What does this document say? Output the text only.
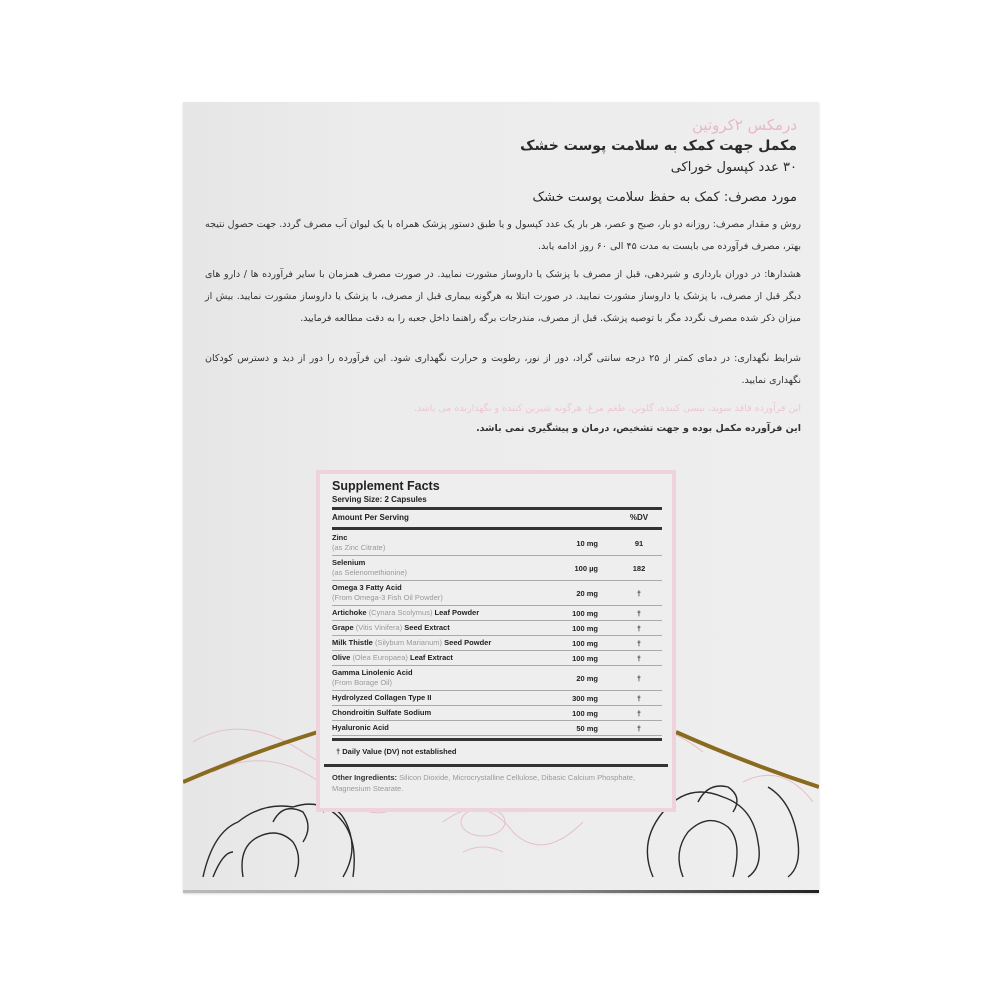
درمکس ۲کروتین
مکمل جهت کمک به سلامت پوست خشک
۳۰ عدد کپسول خوراکی
مورد مصرف: کمک به حفظ سلامت پوست خشک
روش و مقدار مصرف: روزانه دو بار، صبح و عصر، هر بار یک عدد کپسول و یا طبق دستور پزشک همراه با یک لیوان آب مصرف گردد. جهت حصول نتیجه بهتر، مصرف فرآورده می بایست به مدت ۴۵ الی ۶۰ روز ادامه یابد.
هشدارها: در دوران بارداری و شیردهی، قبل از مصرف با پزشک یا داروساز مشورت نمایید. در صورت مصرف همزمان با سایر فرآورده ها / دارو های دیگر قبل از مصرف، با پزشک یا داروساز مشورت نمایید. در صورت ابتلا به هرگونه بیماری قبل از مصرف، با پزشک یا داروساز مشورت نمایید. بیش از میزان ذکر شده مصرف نگردد مگر با توصیه پزشک. قبل از مصرف، مندرجات برگه راهنما داخل جعبه را به دقت مطالعه فرمایید.
شرایط نگهداری: در دمای کمتر از ۲۵ درجه سانتی گراد، دور از نور، رطوبت و حرارت نگهداری شود. این فرآورده را دور از دید و دسترس کودکان نگهداری نمایید.
این فرآورده فاقد سوید، نیسی کننده، گلوتن، طعم مرغ، هرگونه شیرین کننده و نگهدارنده می باشد.
این فرآورده مکمل بوده و جهت تشخیص، درمان و پیشگیری نمی باشد.
Supplement Facts
Serving Size: 2 Capsules
Amount Per Serving	%DV
Zinc
(as Zinc Citrate)	10 mg	91
Selenium
(as Selenomethionine)	100 µg	182
Omega 3 Fatty Acid
(From Omega-3 Fish Oil Powder)	20 mg	†
Artichoke (Cynara Scolymus) Leaf Powder	100 mg	†
Grape (Vitis Vinifera) Seed Extract	100 mg	†
Milk Thistle (Silybum Marianum) Seed Powder	100 mg	†
Olive (Olea Europaea) Leaf Extract	100 mg	†
Gamma Linolenic Acid
(From Borage Oil)	20 mg	†
Hydrolyzed Collagen Type II	300 mg	†
Chondroitin Sulfate Sodium	100 mg	†
Hyaluronic Acid	50 mg	†
† Daily Value (DV) not established
Other Ingredients: Silicon Dioxide, Microcrystalline Cellulose, Dibasic Calcium Phosphate, Magnesium Stearate.
